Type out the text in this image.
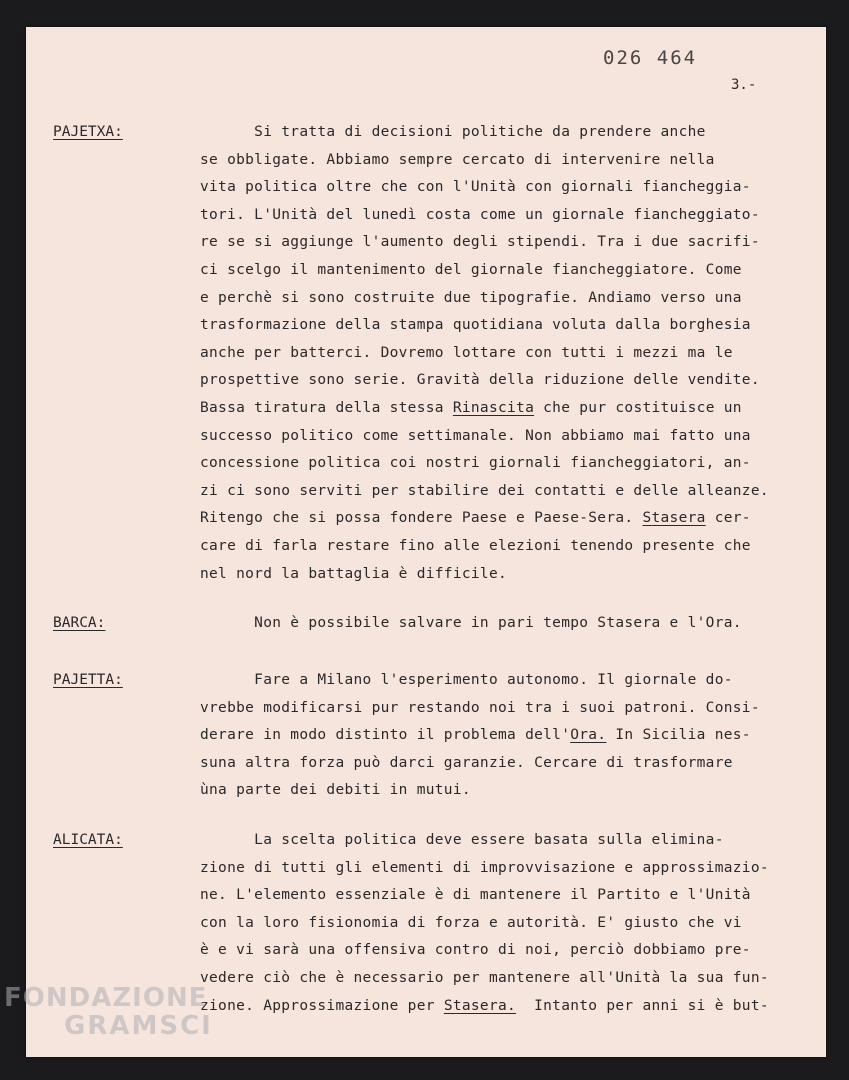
026 464
3.-
PAJETXA:	Si tratta di decisioni politiche da prendere anche
se obbligate. Abbiamo sempre cercato di intervenire nella
vita politica oltre che con l'Unità con giornali fiancheggia-
tori. L'Unità del lunedì costa come un giornale fiancheggiato-
re se si aggiunge l'aumento degli stipendi. Tra i due sacrifi-
ci scelgo il mantenimento del giornale fiancheggiatore. Come
e perchè si sono costruite due tipografie. Andiamo verso una
trasformazione della stampa quotidiana voluta dalla borghesia
anche per batterci. Dovremo lottare con tutti i mezzi ma le
prospettive sono serie. Gravità della riduzione delle vendite.
Bassa tiratura della stessa Rinascita che pur costituisce un
successo politico come settimanale. Non abbiamo mai fatto una
concessione politica coi nostri giornali fiancheggiatori, an-
zi ci sono serviti per stabilire dei contatti e delle alleanze.
Ritengo che si possa fondere Paese e Paese-Sera. Stasera cer-
care di farla restare fino alle elezioni tenendo presente che
nel nord la battaglia è difficile.
BARCA:	Non è possibile salvare in pari tempo Stasera e l'Ora.
PAJETTA:	Fare a Milano l'esperimento autonomo. Il giornale do-
vrebbe modificarsi pur restando noi tra i suoi patroni. Consi-
derare in modo distinto il problema dell'Ora. In Sicilia nes-
suna altra forza può darci garanzie. Cercare di trasformare
ùna parte dei debiti in mutui.
ALICATA:	La scelta politica deve essere basata sulla elimina-
zione di tutti gli elementi di improvvisazione e approssimazio-
ne. L'elemento essenziale è di mantenere il Partito e l'Unità
con la loro fisionomia di forza e autorità. E' giusto che vi
è e vi sarà una offensiva contro di noi, perciò dobbiamo pre-
vedere ciò che è necessario per mantenere all'Unità la sua fun-
zione. Approssimazione per Stasera.  Intanto per anni si è but-
FONDAZIONE
GRAMSCI
